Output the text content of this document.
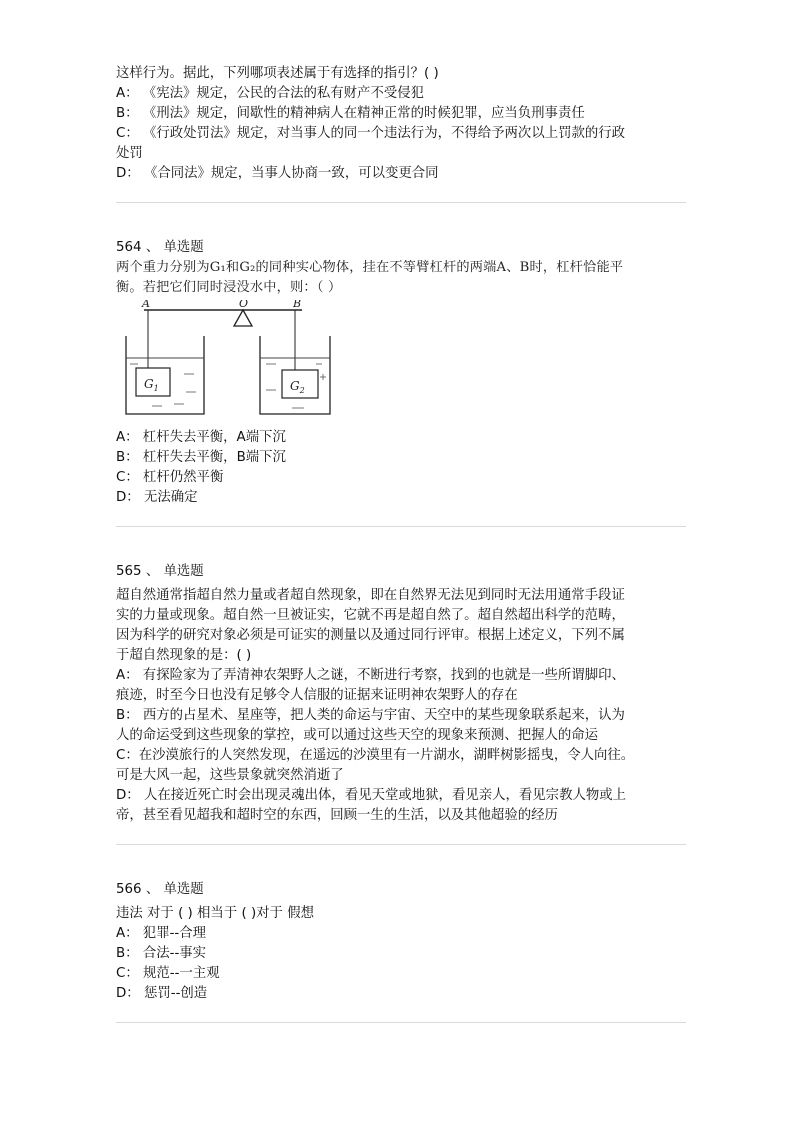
这样行为。据此，下列哪项表述属于有选择的指引？( )
A： 《宪法》规定，公民的合法的私有财产不受侵犯
B： 《刑法》规定，间歇性的精神病人在精神正常的时候犯罪，应当负刑事责任
C： 《行政处罚法》规定，对当事人的同一个违法行为，不得给予两次以上罚款的行政
处罚
D： 《合同法》规定，当事人协商一致，可以变更合同
564 、 单选题
两个重力分别为G₁和G₂的同种实心物体，挂在不等臂杠杆的两端A、B时，杠杆恰能平
衡。若把它们同时浸没水中，则：（ ）
A	O	B
$G_1$	$G_2$
A： 杠杆失去平衡，A端下沉
B： 杠杆失去平衡，B端下沉
C： 杠杆仍然平衡
D： 无法确定
565 、 单选题
超自然通常指超自然力量或者超自然现象，即在自然界无法见到同时无法用通常手段证
实的力量或现象。超自然一旦被证实，它就不再是超自然了。超自然超出科学的范畴，
因为科学的研究对象必须是可证实的测量以及通过同行评审。根据上述定义，下列不属
于超自然现象的是：( )
A： 有探险家为了弄清神农架野人之谜，不断进行考察，找到的也就是一些所谓脚印、
痕迹，时至今日也没有足够令人信服的证据来证明神农架野人的存在
B： 西方的占星术、星座等，把人类的命运与宇宙、天空中的某些现象联系起来，认为
人的命运受到这些现象的掌控，或可以通过这些天空的现象来预测、把握人的命运
C：在沙漠旅行的人突然发现，在遥远的沙漠里有一片湖水，湖畔树影摇曳，令人向往。
可是大风一起，这些景象就突然消逝了
D： 人在接近死亡时会出现灵魂出体，看见天堂或地狱，看见亲人，看见宗教人物或上
帝，甚至看见超我和超时空的东西，回顾一生的生活，以及其他超验的经历
566 、 单选题
违法 对于 ( ) 相当于 ( )对于 假想
A： 犯罪--合理
B： 合法--事实
C： 规范--一主观
D： 惩罚--创造
